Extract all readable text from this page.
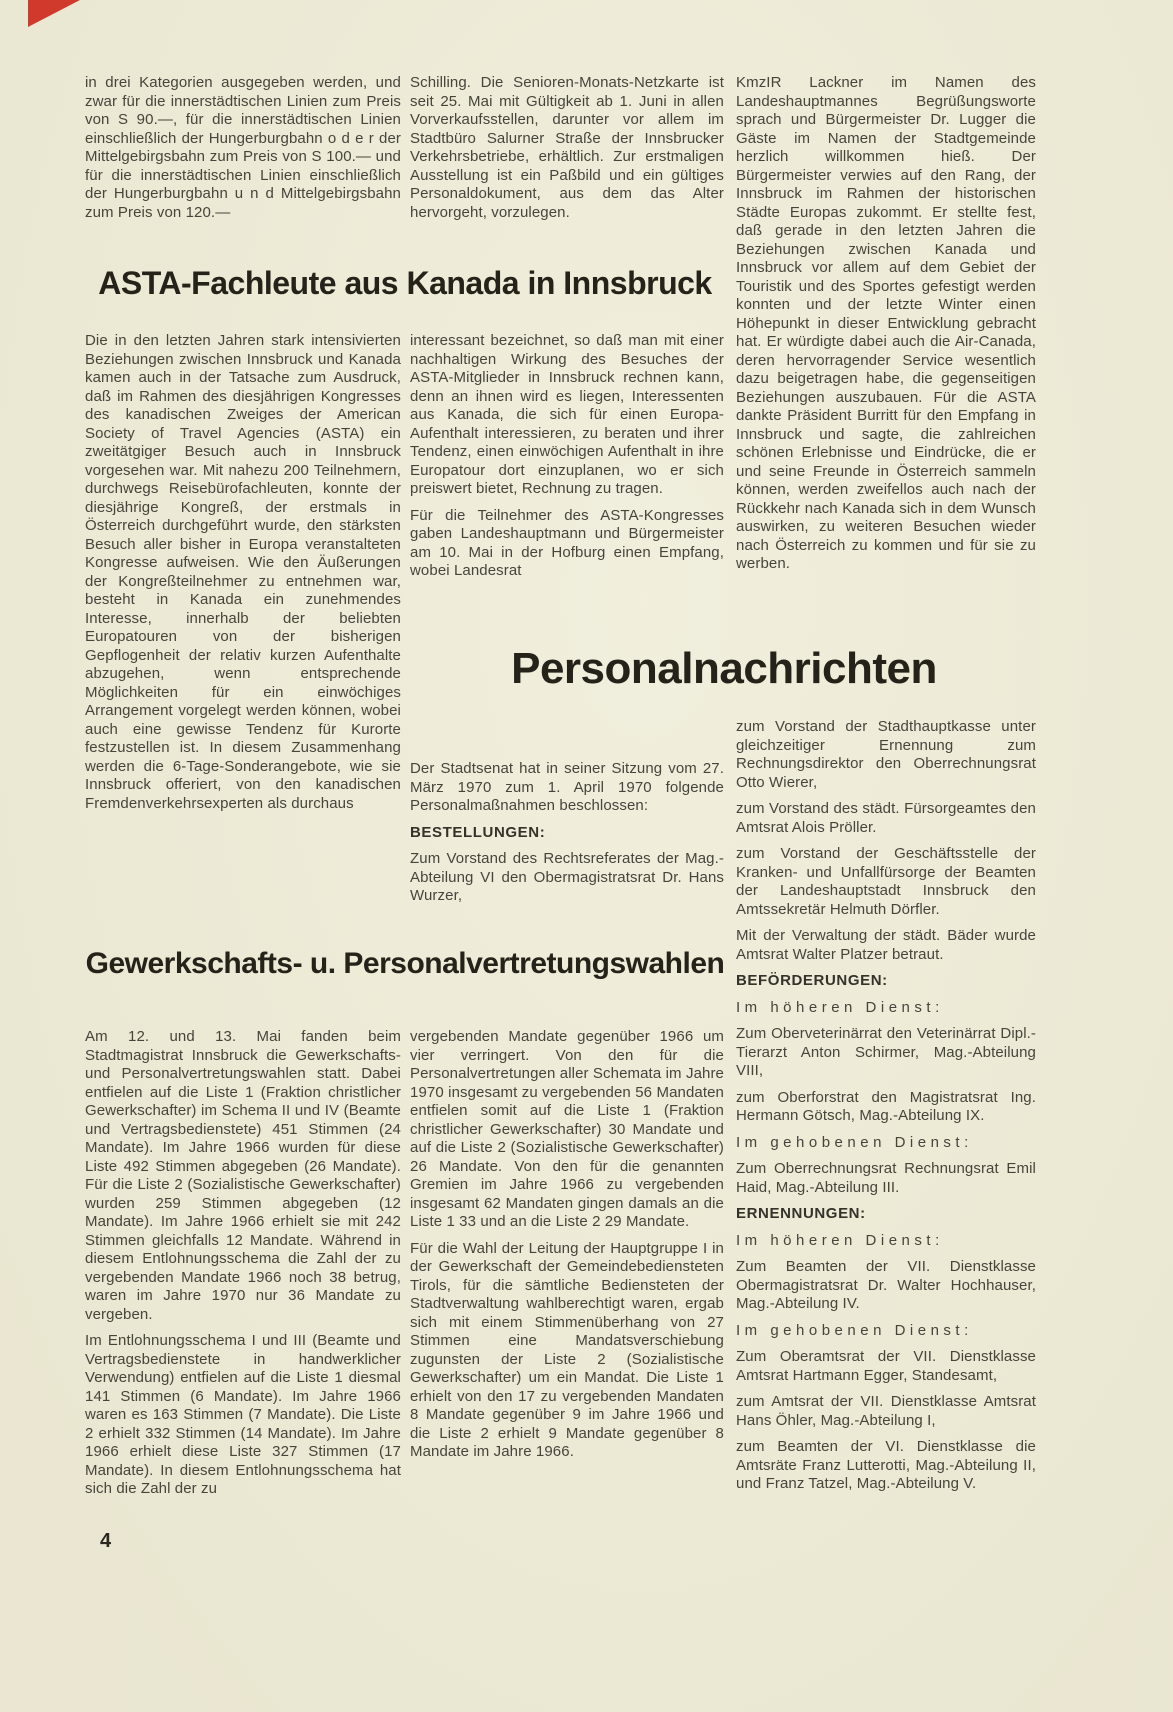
in drei Kategorien ausgegeben werden, und zwar für die innerstädtischen Linien zum Preis von S 90.—, für die innerstädtischen Linien einschließlich der Hungerburgbahn o d e r der Mittelgebirgsbahn zum Preis von S 100.— und für die innerstädtischen Linien einschließlich der Hungerburgbahn u n d Mittelgebirgsbahn zum Preis von 120.—

Schilling. Die Senioren-Monats-Netzkarte ist seit 25. Mai mit Gültigkeit ab 1. Juni in allen Vorverkaufsstellen, darunter vor allem im Stadtbüro Salurner Straße der Innsbrucker Verkehrsbetriebe, erhältlich. Zur erstmaligen Ausstellung ist ein Paßbild und ein gültiges Personaldokument, aus dem das Alter hervorgeht, vorzulegen.

ASTA-Fachleute aus Kanada in Innsbruck

Die in den letzten Jahren stark intensivierten Beziehungen zwischen Innsbruck und Kanada kamen auch in der Tatsache zum Ausdruck, daß im Rahmen des diesjährigen Kongresses des kanadischen Zweiges der American Society of Travel Agencies (ASTA) ein zweitätgiger Besuch auch in Innsbruck vorgesehen war. Mit nahezu 200 Teilnehmern, durchwegs Reisebürofachleuten, konnte der diesjährige Kongreß, der erstmals in Österreich durchgeführt wurde, den stärksten Besuch aller bisher in Europa veranstalteten Kongresse aufweisen. Wie den Äußerungen der Kongreßteilnehmer zu entnehmen war, besteht in Kanada ein zunehmendes Interesse, innerhalb der beliebten Europatouren von der bisherigen Gepflogenheit der relativ kurzen Aufenthalte abzugehen, wenn entsprechende Möglichkeiten für ein einwöchiges Arrangement vorgelegt werden können, wobei auch eine gewisse Tendenz für Kurorte festzustellen ist. In diesem Zusammenhang werden die 6-Tage-Sonderangebote, wie sie Innsbruck offeriert, von den kanadischen Fremdenverkehrsexperten als durchaus

interessant bezeichnet, so daß man mit einer nachhaltigen Wirkung des Besuches der ASTA-Mitglieder in Innsbruck rechnen kann, denn an ihnen wird es liegen, Interessenten aus Kanada, die sich für einen Europa-Aufenthalt interessieren, zu beraten und ihrer Tendenz, einen einwöchigen Aufenthalt in ihre Europatour dort einzuplanen, wo er sich preiswert bietet, Rechnung zu tragen.

Für die Teilnehmer des ASTA-Kongresses gaben Landeshauptmann und Bürgermeister am 10. Mai in der Hofburg einen Empfang, wobei Landesrat

KmzIR Lackner im Namen des Landeshauptmannes Begrüßungsworte sprach und Bürgermeister Dr. Lugger die Gäste im Namen der Stadtgemeinde herzlich willkommen hieß. Der Bürgermeister verwies auf den Rang, der Innsbruck im Rahmen der historischen Städte Europas zukommt. Er stellte fest, daß gerade in den letzten Jahren die Beziehungen zwischen Kanada und Innsbruck vor allem auf dem Gebiet der Touristik und des Sportes gefestigt werden konnten und der letzte Winter einen Höhepunkt in dieser Entwicklung gebracht hat. Er würdigte dabei auch die Air-Canada, deren hervorragender Service wesentlich dazu beigetragen habe, die gegenseitigen Beziehungen auszubauen. Für die ASTA dankte Präsident Burritt für den Empfang in Innsbruck und sagte, die zahlreichen schönen Erlebnisse und Eindrücke, die er und seine Freunde in Österreich sammeln können, werden zweifellos auch nach der Rückkehr nach Kanada sich in dem Wunsch auswirken, zu weiteren Besuchen wieder nach Österreich zu kommen und für sie zu werben.

Personalnachrichten

Der Stadtsenat hat in seiner Sitzung vom 27. März 1970 zum 1. April 1970 folgende Personalmaßnahmen beschlossen:

BESTELLUNGEN:

Zum Vorstand des Rechtsreferates der Mag.-Abteilung VI den Obermagistratsrat Dr. Hans Wurzer,

zum Vorstand der Stadthauptkasse unter gleichzeitiger Ernennung zum Rechnungsdirektor den Oberrechnungsrat Otto Wierer,

zum Vorstand des städt. Fürsorgeamtes den Amtsrat Alois Pröller.

zum Vorstand der Geschäftsstelle der Kranken- und Unfallfürsorge der Beamten der Landeshauptstadt Innsbruck den Amtssekretär Helmuth Dörfler.

Mit der Verwaltung der städt. Bäder wurde Amtsrat Walter Platzer betraut.

BEFÖRDERUNGEN:

Im höheren Dienst:

Zum Oberveterinärrat den Veterinärrat Dipl.-Tierarzt Anton Schirmer, Mag.-Abteilung VIII,

zum Oberforstrat den Magistratsrat Ing. Hermann Götsch, Mag.-Abteilung IX.

Im gehobenen Dienst:

Zum Oberrechnungsrat Rechnungsrat Emil Haid, Mag.-Abteilung III.

ERNENNUNGEN:

Im höheren Dienst:

Zum Beamten der VII. Dienstklasse Obermagistratsrat Dr. Walter Hochhauser, Mag.-Abteilung IV.

Im gehobenen Dienst:

Zum Oberamtsrat der VII. Dienstklasse Amtsrat Hartmann Egger, Standesamt,

zum Amtsrat der VII. Dienstklasse Amtsrat Hans Öhler, Mag.-Abteilung I,

zum Beamten der VI. Dienstklasse die Amtsräte Franz Lutterotti, Mag.-Abteilung II, und Franz Tatzel, Mag.-Abteilung V.

Gewerkschafts- u. Personalvertretungswahlen

Am 12. und 13. Mai fanden beim Stadtmagistrat Innsbruck die Gewerkschafts- und Personalvertretungswahlen statt. Dabei entfielen auf die Liste 1 (Fraktion christlicher Gewerkschafter) im Schema II und IV (Beamte und Vertragsbedienstete) 451 Stimmen (24 Mandate). Im Jahre 1966 wurden für diese Liste 492 Stimmen abgegeben (26 Mandate). Für die Liste 2 (Sozialistische Gewerkschafter) wurden 259 Stimmen abgegeben (12 Mandate). Im Jahre 1966 erhielt sie mit 242 Stimmen gleichfalls 12 Mandate. Während in diesem Entlohnungsschema die Zahl der zu vergebenden Mandate 1966 noch 38 betrug, waren im Jahre 1970 nur 36 Mandate zu vergeben.

Im Entlohnungsschema I und III (Beamte und Vertragsbedienstete in handwerklicher Verwendung) entfielen auf die Liste 1 diesmal 141 Stimmen (6 Mandate). Im Jahre 1966 waren es 163 Stimmen (7 Mandate). Die Liste 2 erhielt 332 Stimmen (14 Mandate). Im Jahre 1966 erhielt diese Liste 327 Stimmen (17 Mandate). In diesem Entlohnungsschema hat sich die Zahl der zu

vergebenden Mandate gegenüber 1966 um vier verringert. Von den für die Personalvertretungen aller Schemata im Jahre 1970 insgesamt zu vergebenden 56 Mandaten entfielen somit auf die Liste 1 (Fraktion christlicher Gewerkschafter) 30 Mandate und auf die Liste 2 (Sozialistische Gewerkschafter) 26 Mandate. Von den für die genannten Gremien im Jahre 1966 zu vergebenden insgesamt 62 Mandaten gingen damals an die Liste 1 33 und an die Liste 2 29 Mandate.

Für die Wahl der Leitung der Hauptgruppe I in der Gewerkschaft der Gemeindebediensteten Tirols, für die sämtliche Bediensteten der Stadtverwaltung wahlberechtigt waren, ergab sich mit einem Stimmenüberhang von 27 Stimmen eine Mandatsverschiebung zugunsten der Liste 2 (Sozialistische Gewerkschafter) um ein Mandat. Die Liste 1 erhielt von den 17 zu vergebenden Mandaten 8 Mandate gegenüber 9 im Jahre 1966 und die Liste 2 erhielt 9 Mandate gegenüber 8 Mandate im Jahre 1966.

4
